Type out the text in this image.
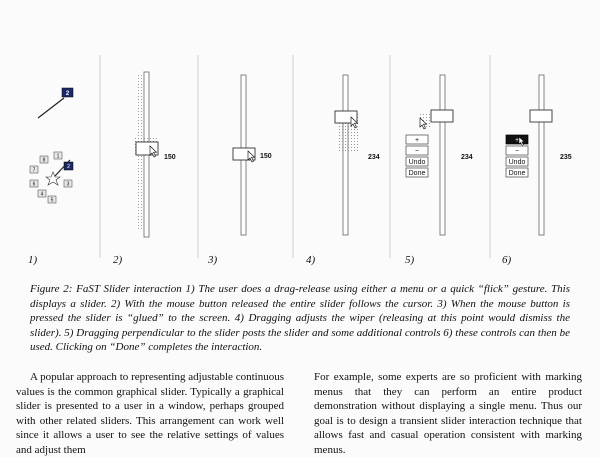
2
7
8
1
6
2
4
3
5
150	150	234
+
−
Undo
Done
234
+
−
Undo
Done
235
1)	2)	3)	4)	5)	6)
Figure 2: FaST Slider interaction 1) The user does a drag-release using either a menu or a quick “flick” gesture. This displays a slider. 2) With the mouse button released the entire slider follows the cursor. 3) When the mouse button is pressed the slider is “glued” to the screen. 4) Dragging adjusts the wiper (releasing at this point would dismiss the slider). 5) Dragging perpendicular to the slider posts the slider and some additional controls 6) these controls can then be used. Clicking on “Done” completes the interaction.

A popular approach to representing adjustable continuous values is the common graphical slider. Typically a graphical slider is presented to a user in a window, perhaps grouped with other related sliders. This arrangement can work well since it allows a user to see the relative settings of values and adjust them

For example, some experts are so proficient with marking menus that they can perform an entire product demonstration without displaying a single menu. Thus our goal is to design a transient slider interaction technique that allows fast and casual operation consistent with marking menus.
